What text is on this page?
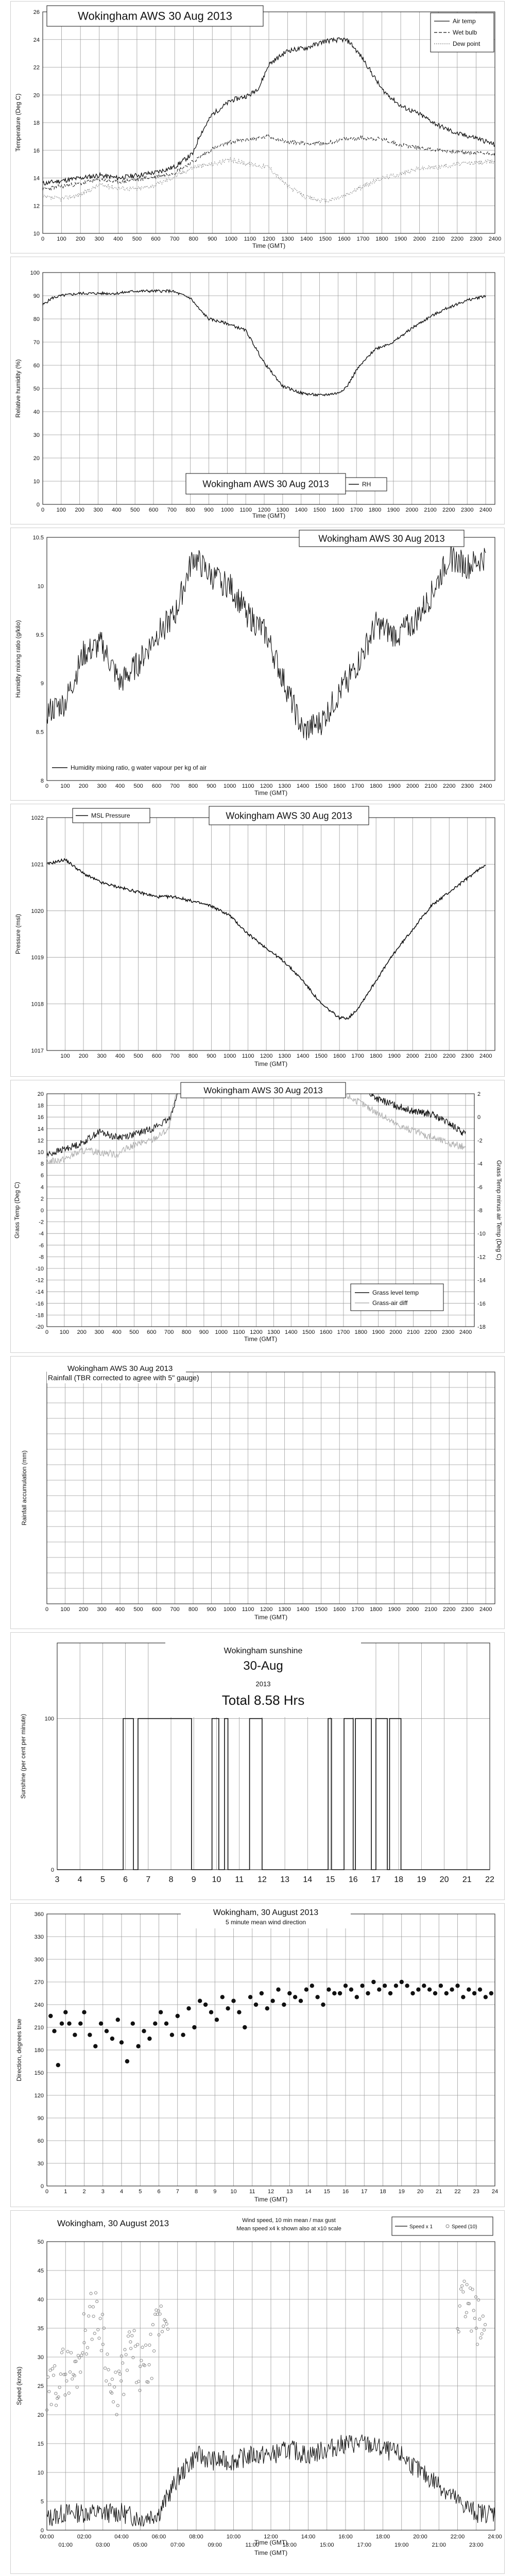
10
12
14
16
18
20
22
24
26
0 100 200 300 400 500 600 700 800 900 1000 1100 1200 1300 1400 1500 1600 1700 1800 1900 2000 2100 2200 2300 2400
Time (GMT)
Temperature (Deg C)
Wokingham AWS 30 Aug 2013	Air temp
Wet bulb
Dew point
0
10
20
30
40
50
60
70
80
90
100
0 100 200 300 400 500 600 700 800 900 1000 1100 1200 1300 1400 1500 1600 1700 1800 1900 2000 2100 2200 2300 2400
Time (GMT)
Relative humidity (%)
Wokingham AWS 30 Aug 2013	RH
8
8.5
9
9.5
10
10.5
0 100 200 300 400 500 600 700 800 900 1000 1100 1200 1300 1400 1500 1600 1700 1800 1900 2000 2100 2200 2300 2400
Time (GMT)
Humidity mixing ratio (g/kilo)
Wokingham AWS 30 Aug 2013
Humidity mixing ratio, g water vapour per kg of air
1017
1018
1019
1020
1021
1022
100 200 300 400 500 600 700 800 900 1000 1100 1200 1300 1400 1500 1600 1700 1800 1900 2000 2100 2200 2300 2400
Time (GMT)
Pressure (msl)
MSL Pressure	Wokingham AWS 30 Aug 2013
-20
-18
-16
-14
-12
-10
-8
-6
-4
-2
0
2
4
6
8
10
12
14
16
18
20
0 100 200 300 400 500 600 700 800 900 1000 1100 1200 1300 1400 1500 1600 1700 1800 1900 2000 2100 2200 2300 2400
Time (GMT)
Grass Temp (Deg C)
-18
-16
-14
-12
-10
-8
-6
-4
-2
0
2
Grass Temp minus air Temp (Deg C)
Wokingham AWS 30 Aug 2013
Grass level temp
Grass-air diff
0 100 200 300 400 500 600 700 800 900 1000 1100 1200 1300 1400 1500 1600 1700 1800 1900 2000 2100 2200 2300 2400
Time (GMT)
Rainfall accumulation (mm)
Wokingham AWS 30 Aug 2013
Rainfall (TBR corrected to agree with 5" gauge)
0
100
3 4 5 6 7 8 9 10 11 12 13 14 15 16 17 18 19 20 21 22
Sunshine (per cent per minute)
Wokingham sunshine
30-Aug
2013
Total 8.58 Hrs
0
30
60
90
120
150
180
210
240
270
300
330
360
0	1	2	3	4	5	6	7	8	9 10 11 12 13 14 15 16 17 18 19 20 21 22 23 24
Time (GMT)
Direction, degrees true
Wokingham, 30 August 2013
5 minute mean wind direction
0
5
10
15
20
25
30
35
40
45
50
Time (GMT)
Speed (knots)
00:00	02:00	04:00	06:00	08:00	10:00	12:00	14:00	16:00	18:00	20:00	22:00	24:00
01:00	03:00	05:00	07:00	09:00	11:00	13:00	15:00	17:00	19:00	21:00	23:00
Time (GMT)
Wokingham, 30 August 2013	Wind speed, 10 min mean / max gust
Mean speed x4 k shown also at x10 scale	Speed x 1	Speed (10)
